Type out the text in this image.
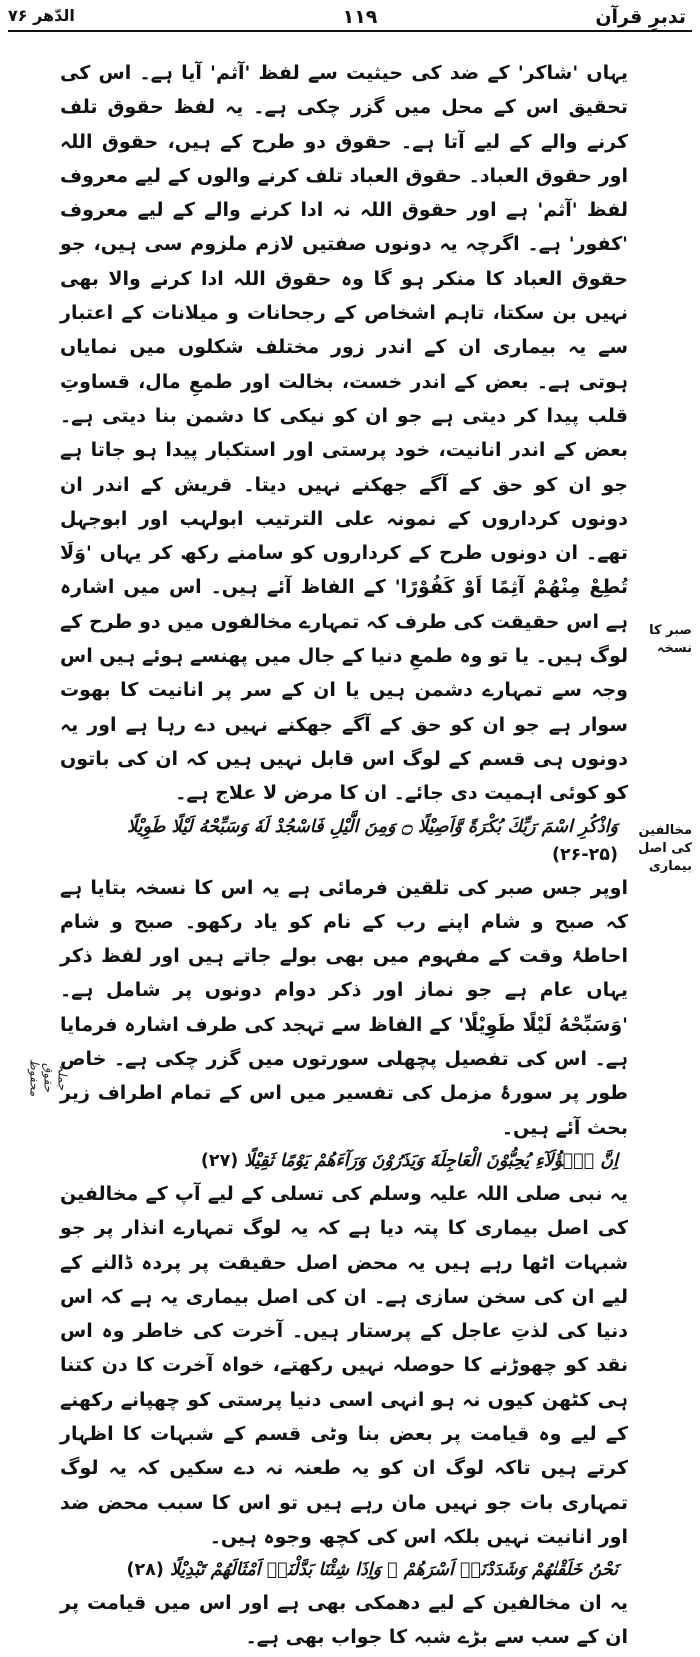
تدبرِ قرآن
۱۱۹
الدّھر ۷۶

یہاں 'شاکر' کے ضد کی حیثیت سے لفظ 'آثم' آیا ہے۔ اس کی تحقیق اس کے محل میں گزر چکی ہے۔ یہ لفظ حقوق تلف کرنے والے کے لیے آتا ہے۔ حقوق دو طرح کے ہیں، حقوق اللہ اور حقوق العباد۔ حقوق العباد تلف کرنے والوں کے لیے معروف لفظ 'آثم' ہے اور حقوق اللہ نہ ادا کرنے والے کے لیے معروف 'کفور' ہے۔ اگرچہ یہ دونوں صفتیں لازم ملزوم سی ہیں، جو حقوق العباد کا منکر ہو گا وہ حقوق اللہ ادا کرنے والا بھی نہیں بن سکتا، تاہم اشخاص کے رجحانات و میلانات کے اعتبار سے یہ بیماری ان کے اندر زور مختلف شکلوں میں نمایاں ہوتی ہے۔ بعض کے اندر خست، بخالت اور طمعِ مال، قساوتِ قلب پیدا کر دیتی ہے جو ان کو نیکی کا دشمن بنا دیتی ہے۔ بعض کے اندر انانیت، خود پرستی اور استکبار پیدا ہو جاتا ہے جو ان کو حق کے آگے جھکنے نہیں دیتا۔ قریش کے اندر ان دونوں کرداروں کے نمونہ علی الترتیب ابولہب اور ابوجہل تھے۔ ان دونوں طرح کے کرداروں کو سامنے رکھ کر یہاں 'وَلَا تُطِعْ مِنْهُمْ آثِمًا اَوْ كَفُوْرًا' کے الفاظ آئے ہیں۔ اس میں اشارہ ہے اس حقیقت کی طرف کہ تمہارے مخالفوں میں دو طرح کے لوگ ہیں۔ یا تو وہ طمعِ دنیا کے جال میں پھنسے ہوئے ہیں اس وجہ سے تمہارے دشمن ہیں یا ان کے سر پر انانیت کا بھوت سوار ہے جو ان کو حق کے آگے جھکنے نہیں دے رہا ہے اور یہ دونوں ہی قسم کے لوگ اس قابل نہیں ہیں کہ ان کی باتوں کو کوئی اہمیت دی جائے۔ ان کا مرض لا علاج ہے۔

وَاذْكُرِ اسْمَ رَبِّكَ بُكْرَةً وَّاَصِيْلًا ۝ وَمِنَ الَّيْلِ فَاسْجُدْ لَهٗ وَسَبِّحْهُ لَيْلًا طَوِيْلًا (۲۵-۲۶)

اوپر جس صبر کی تلقین فرمائی ہے یہ اس کا نسخہ بتایا ہے کہ صبح و شام اپنے رب کے نام کو یاد رکھو۔ صبح و شام احاطۂ وقت کے مفہوم میں بھی بولے جاتے ہیں اور لفظ ذکر یہاں عام ہے جو نماز اور ذکر دوام دونوں پر شامل ہے۔ 'وَسَبِّحْهُ لَيْلًا طَوِيْلًا' کے الفاظ سے تہجد کی طرف اشارہ فرمایا ہے۔ اس کی تفصیل پچھلی سورتوں میں گزر چکی ہے۔ خاص طور پر سورۂ مزمل کی تفسیر میں اس کے تمام اطراف زیر بحث آئے ہیں۔

اِنَّ هٰۤؤُلَآءِ يُحِبُّوْنَ الْعَاجِلَةَ وَيَذَرُوْنَ وَرَآءَهُمْ يَوْمًا ثَقِيْلًا (۲۷)

یہ نبی صلی اللہ علیہ وسلم کی تسلی کے لیے آپ کے مخالفین کی اصل بیماری کا پتہ دیا ہے کہ یہ لوگ تمہارے انذار پر جو شبہات اٹھا رہے ہیں یہ محض اصل حقیقت پر پردہ ڈالنے کے لیے ان کی سخن سازی ہے۔ ان کی اصل بیماری یہ ہے کہ اس دنیا کی لذتِ عاجل کے پرستار ہیں۔ آخرت کی خاطر وہ اس نقد کو چھوڑنے کا حوصلہ نہیں رکھتے، خواہ آخرت کا دن کتنا ہی کٹھن کیوں نہ ہو انہی اسی دنیا پرستی کو چھپانے رکھنے کے لیے وہ قیامت پر بعض بنا وٹی قسم کے شبہات کا اظہار کرتے ہیں تاکہ لوگ ان کو یہ طعنہ نہ دے سکیں کہ یہ لوگ تمہاری بات جو نہیں مان رہے ہیں تو اس کا سبب محض ضد اور انانیت نہیں بلکہ اس کی کچھ وجوہ ہیں۔

نَحْنُ خَلَقْنٰهُمْ وَشَدَدْنَاۤ اَسْرَهُمْ ۚ وَاِذَا شِئْنَا بَدَّلْنَاۤ اَمْثَالَهُمْ تَبْدِيْلًا (۲۸)

یہ ان مخالفین کے لیے دھمکی بھی ہے اور اس میں قیامت پر ان کے سب سے بڑے شبہ کا جواب بھی ہے۔

صبر کا نسخہ
مخالفین کی اصل بیماری
جملہ حقوق محفوظ
